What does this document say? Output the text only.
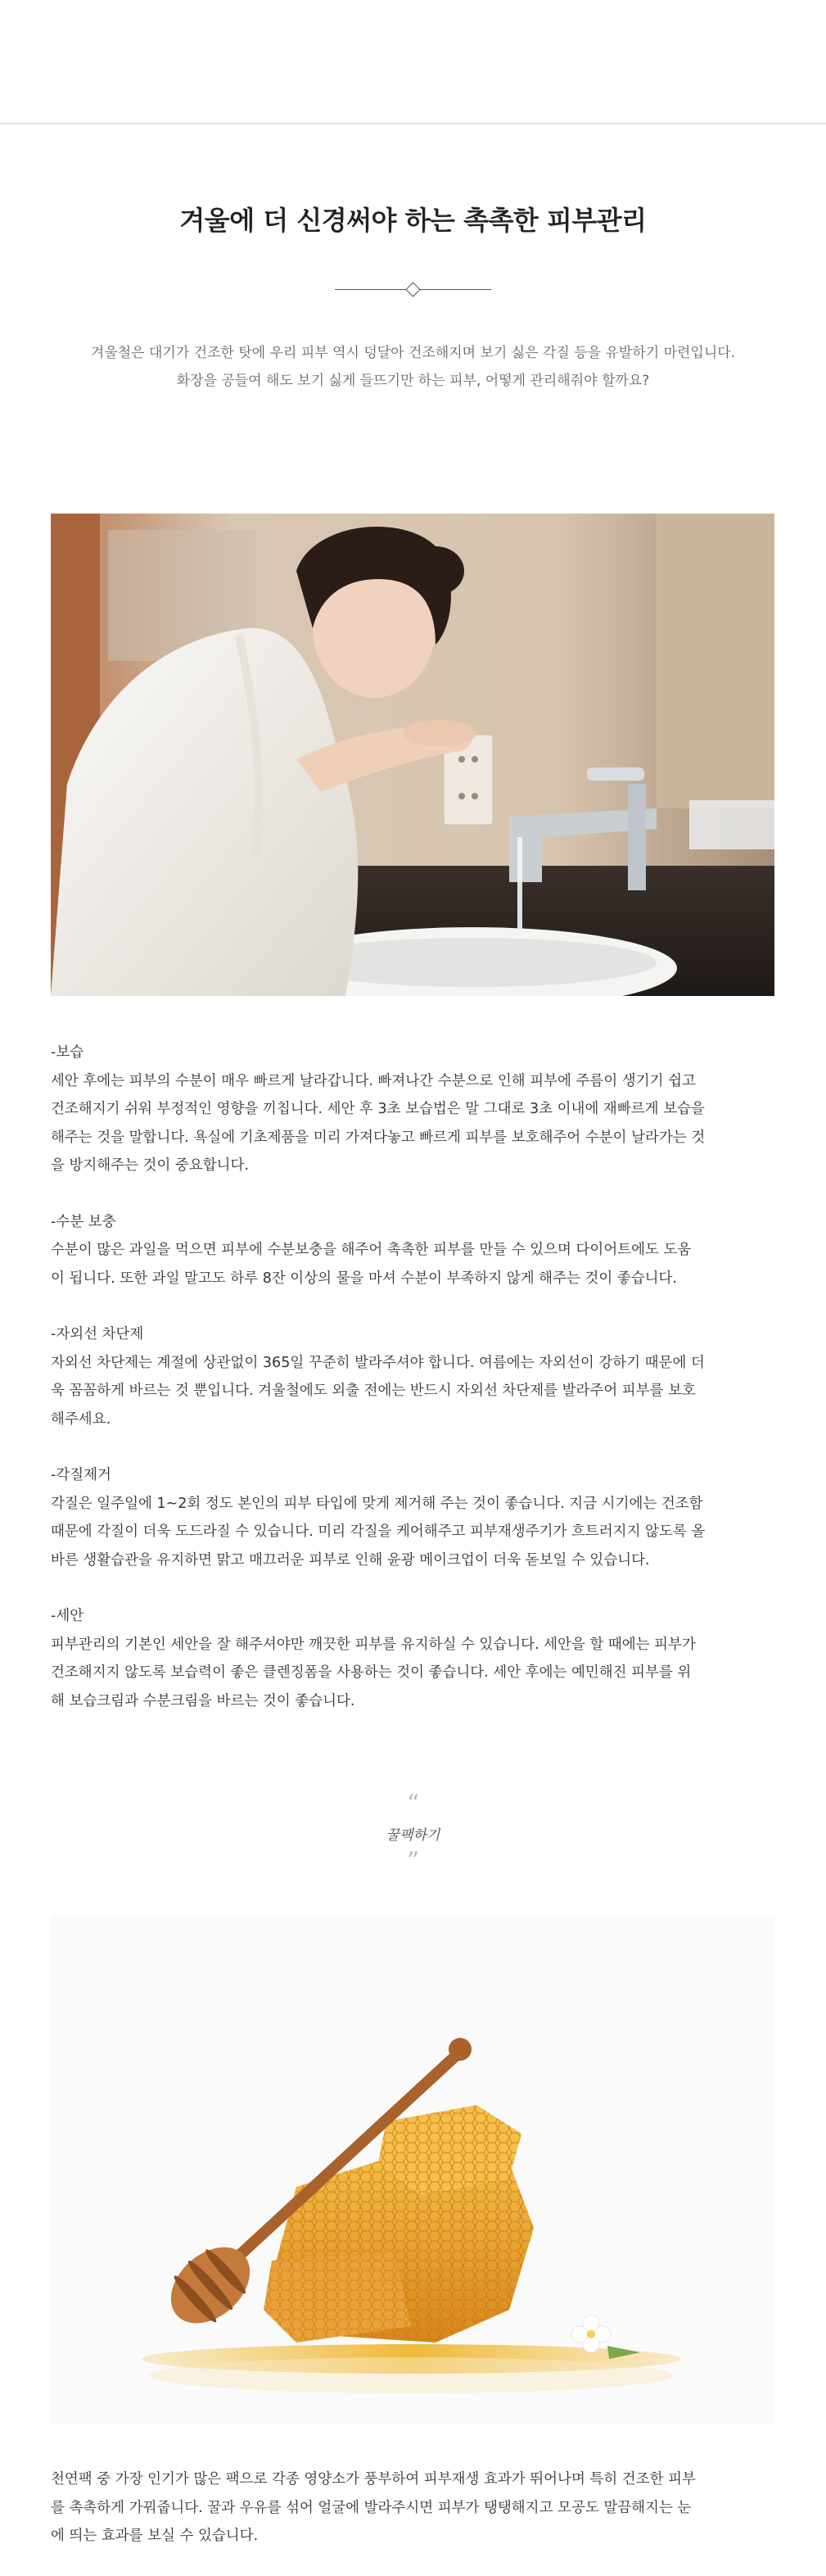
겨울에 더 신경써야 하는 촉촉한 피부관리

겨울철은 대기가 건조한 탓에 우리 피부 역시 덩달아 건조해지며 보기 싫은 각질 등을 유발하기 마련입니다.

화장을 공들여 해도 보기 싫게 들뜨기만 하는 피부, 어떻게 관리해줘야 할까요?

-보습

세안 후에는 피부의 수분이 매우 빠르게 날라갑니다. 빠져나간 수분으로 인해 피부에 주름이 생기기 쉽고

건조해지기 쉬워 부정적인 영향을 끼칩니다. 세안 후 3초 보습법은 말 그대로 3초 이내에 재빠르게 보습을

해주는 것을 말합니다. 욕실에 기초제품을 미리 가져다놓고 빠르게 피부를 보호해주어 수분이 날라가는 것

을 방지해주는 것이 중요합니다.

-수분 보충

수분이 많은 과일을 먹으면 피부에 수분보충을 해주어 촉촉한 피부를 만들 수 있으며 다이어트에도 도움

이 됩니다. 또한 과일 말고도 하루 8잔 이상의 물을 마셔 수분이 부족하지 않게 해주는 것이 좋습니다.

-자외선 차단제

자외선 차단제는 계절에 상관없이 365일 꾸준히 발라주셔야 합니다. 여름에는 자외선이 강하기 때문에 더

욱 꼼꼼하게 바르는 것 뿐입니다. 겨울철에도 외출 전에는 반드시 자외선 차단제를 발라주어 피부를 보호

해주세요.

-각질제거

각질은 일주일에 1~2회 정도 본인의 피부 타입에 맞게 제거해 주는 것이 좋습니다. 지금 시기에는 건조함

때문에 각질이 더욱 도드라질 수 있습니다. 미리 각질을 케어해주고 피부재생주기가 흐트러지지 않도록 올

바른 생활습관을 유지하면 맑고 매끄러운 피부로 인해 윤광 메이크업이 더욱 돋보일 수 있습니다.

-세안

피부관리의 기본인 세안을 잘 해주셔야만 깨끗한 피부를 유지하실 수 있습니다. 세안을 할 때에는 피부가

건조해지지 않도록 보습력이 좋은 클렌징폼을 사용하는 것이 좋습니다. 세안 후에는 예민해진 피부를 위

해 보습크림과 수분크림을 바르는 것이 좋습니다.

“

꿀팩하기

”

천연팩 중 가장 인기가 많은 팩으로 각종 영양소가 풍부하여 피부재생 효과가 뛰어나며 특히 건조한 피부

를 촉촉하게 가꿔줍니다. 꿀과 우유를 섞어 얼굴에 발라주시면 피부가 탱탱해지고 모공도 말끔해지는 눈

에 띄는 효과를 보실 수 있습니다.
